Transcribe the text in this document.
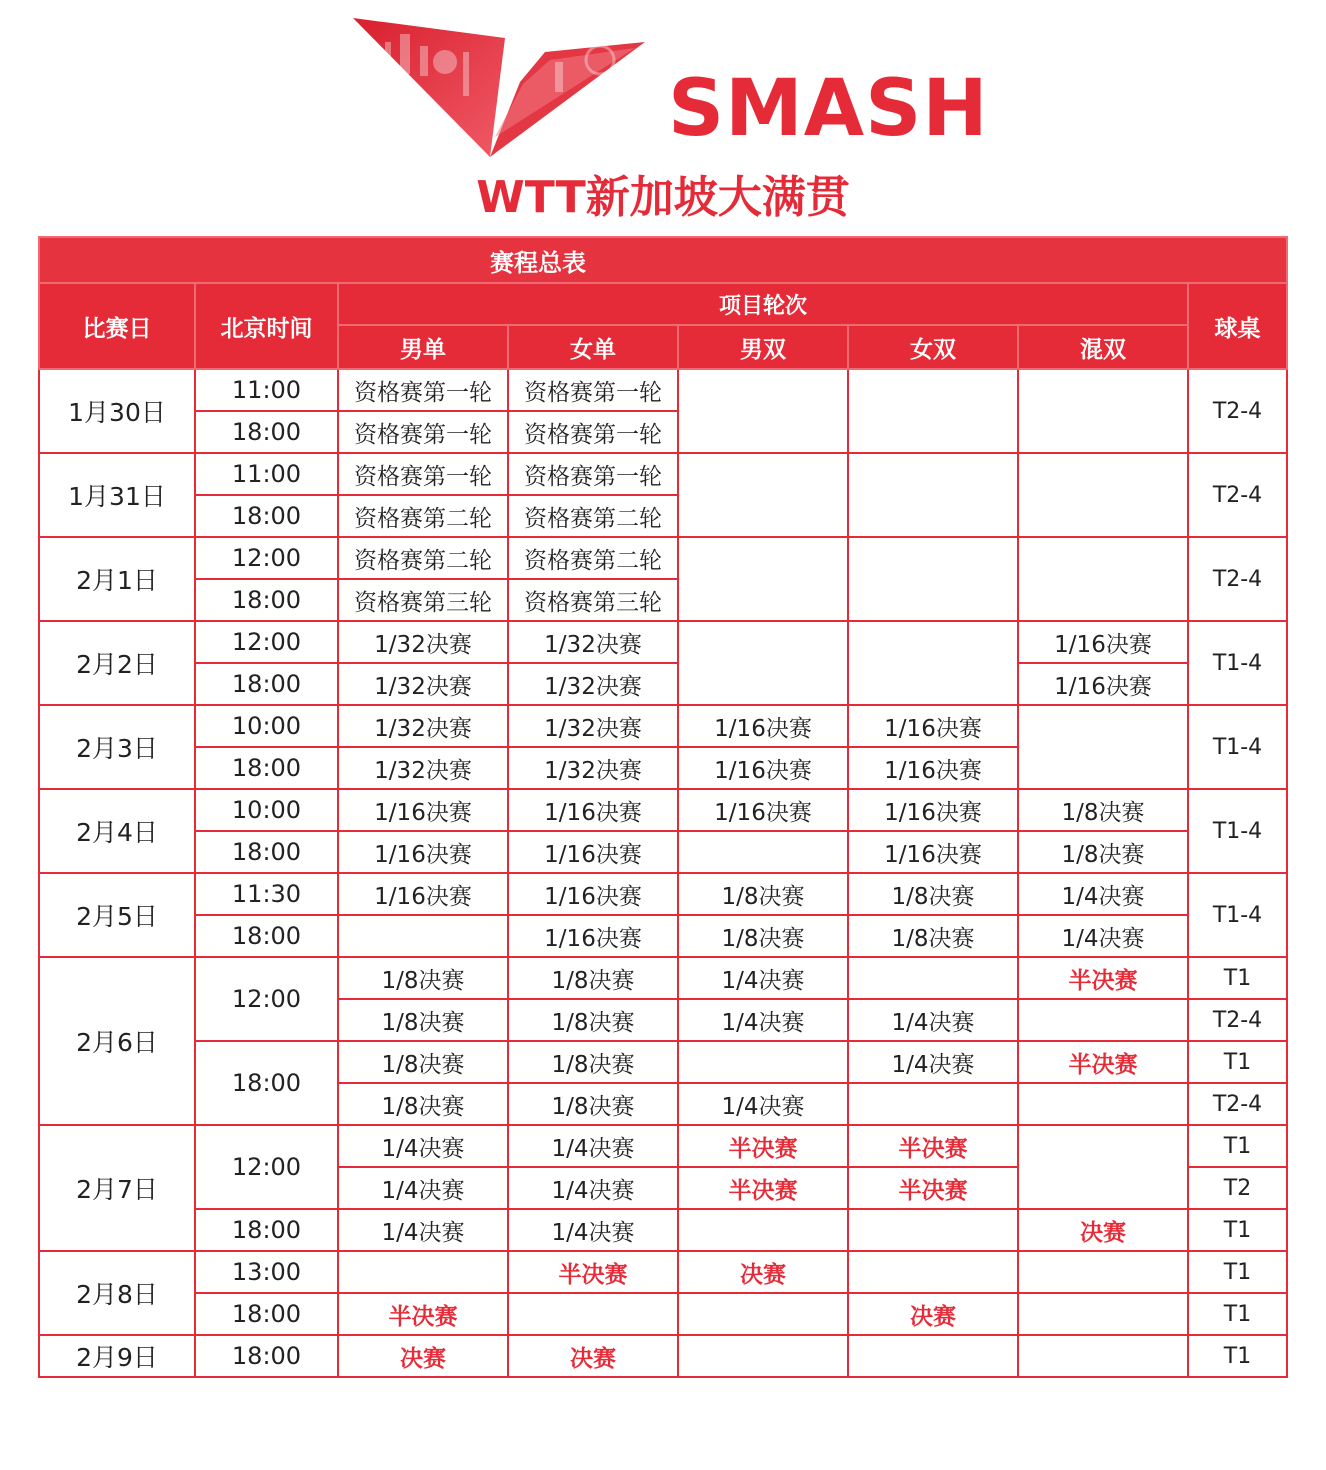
SMASH
WTT新加坡大满贯
赛程总表							
比赛日	北京时间	项目轮次					球桌
		男单	女单	男双	女双	混双	
1月30日	11:00	资格赛第一轮	资格赛第一轮				T2-4
	18:00	资格赛第一轮	资格赛第一轮				
1月31日	11:00	资格赛第一轮	资格赛第一轮				T2-4
	18:00	资格赛第二轮	资格赛第二轮				
2月1日	12:00	资格赛第二轮	资格赛第二轮				T2-4
	18:00	资格赛第三轮	资格赛第三轮				
2月2日	12:00	1/32决赛	1/32决赛			1/16决赛	T1-4
	18:00	1/32决赛	1/32决赛			1/16决赛	
2月3日	10:00	1/32决赛	1/32决赛	1/16决赛	1/16决赛		T1-4
	18:00	1/32决赛	1/32决赛	1/16决赛	1/16决赛		
2月4日	10:00	1/16决赛	1/16决赛	1/16决赛	1/16决赛	1/8决赛	T1-4
	18:00	1/16决赛	1/16决赛		1/16决赛	1/8决赛	
2月5日	11:30	1/16决赛	1/16决赛	1/8决赛	1/8决赛	1/4决赛	T1-4
	18:00		1/16决赛	1/8决赛	1/8决赛	1/4决赛	
2月6日	12:00	1/8决赛	1/8决赛	1/4决赛		半决赛	T1
		1/8决赛	1/8决赛	1/4决赛	1/4决赛		T2-4
	18:00	1/8决赛	1/8决赛		1/4决赛	半决赛	T1
		1/8决赛	1/8决赛	1/4决赛			T2-4
2月7日	12:00	1/4决赛	1/4决赛	半决赛	半决赛		T1
		1/4决赛	1/4决赛	半决赛	半决赛		T2
	18:00	1/4决赛	1/4决赛			决赛	T1
2月8日	13:00		半决赛	决赛			T1
	18:00	半决赛			决赛		T1
2月9日	18:00	决赛	决赛				T1
